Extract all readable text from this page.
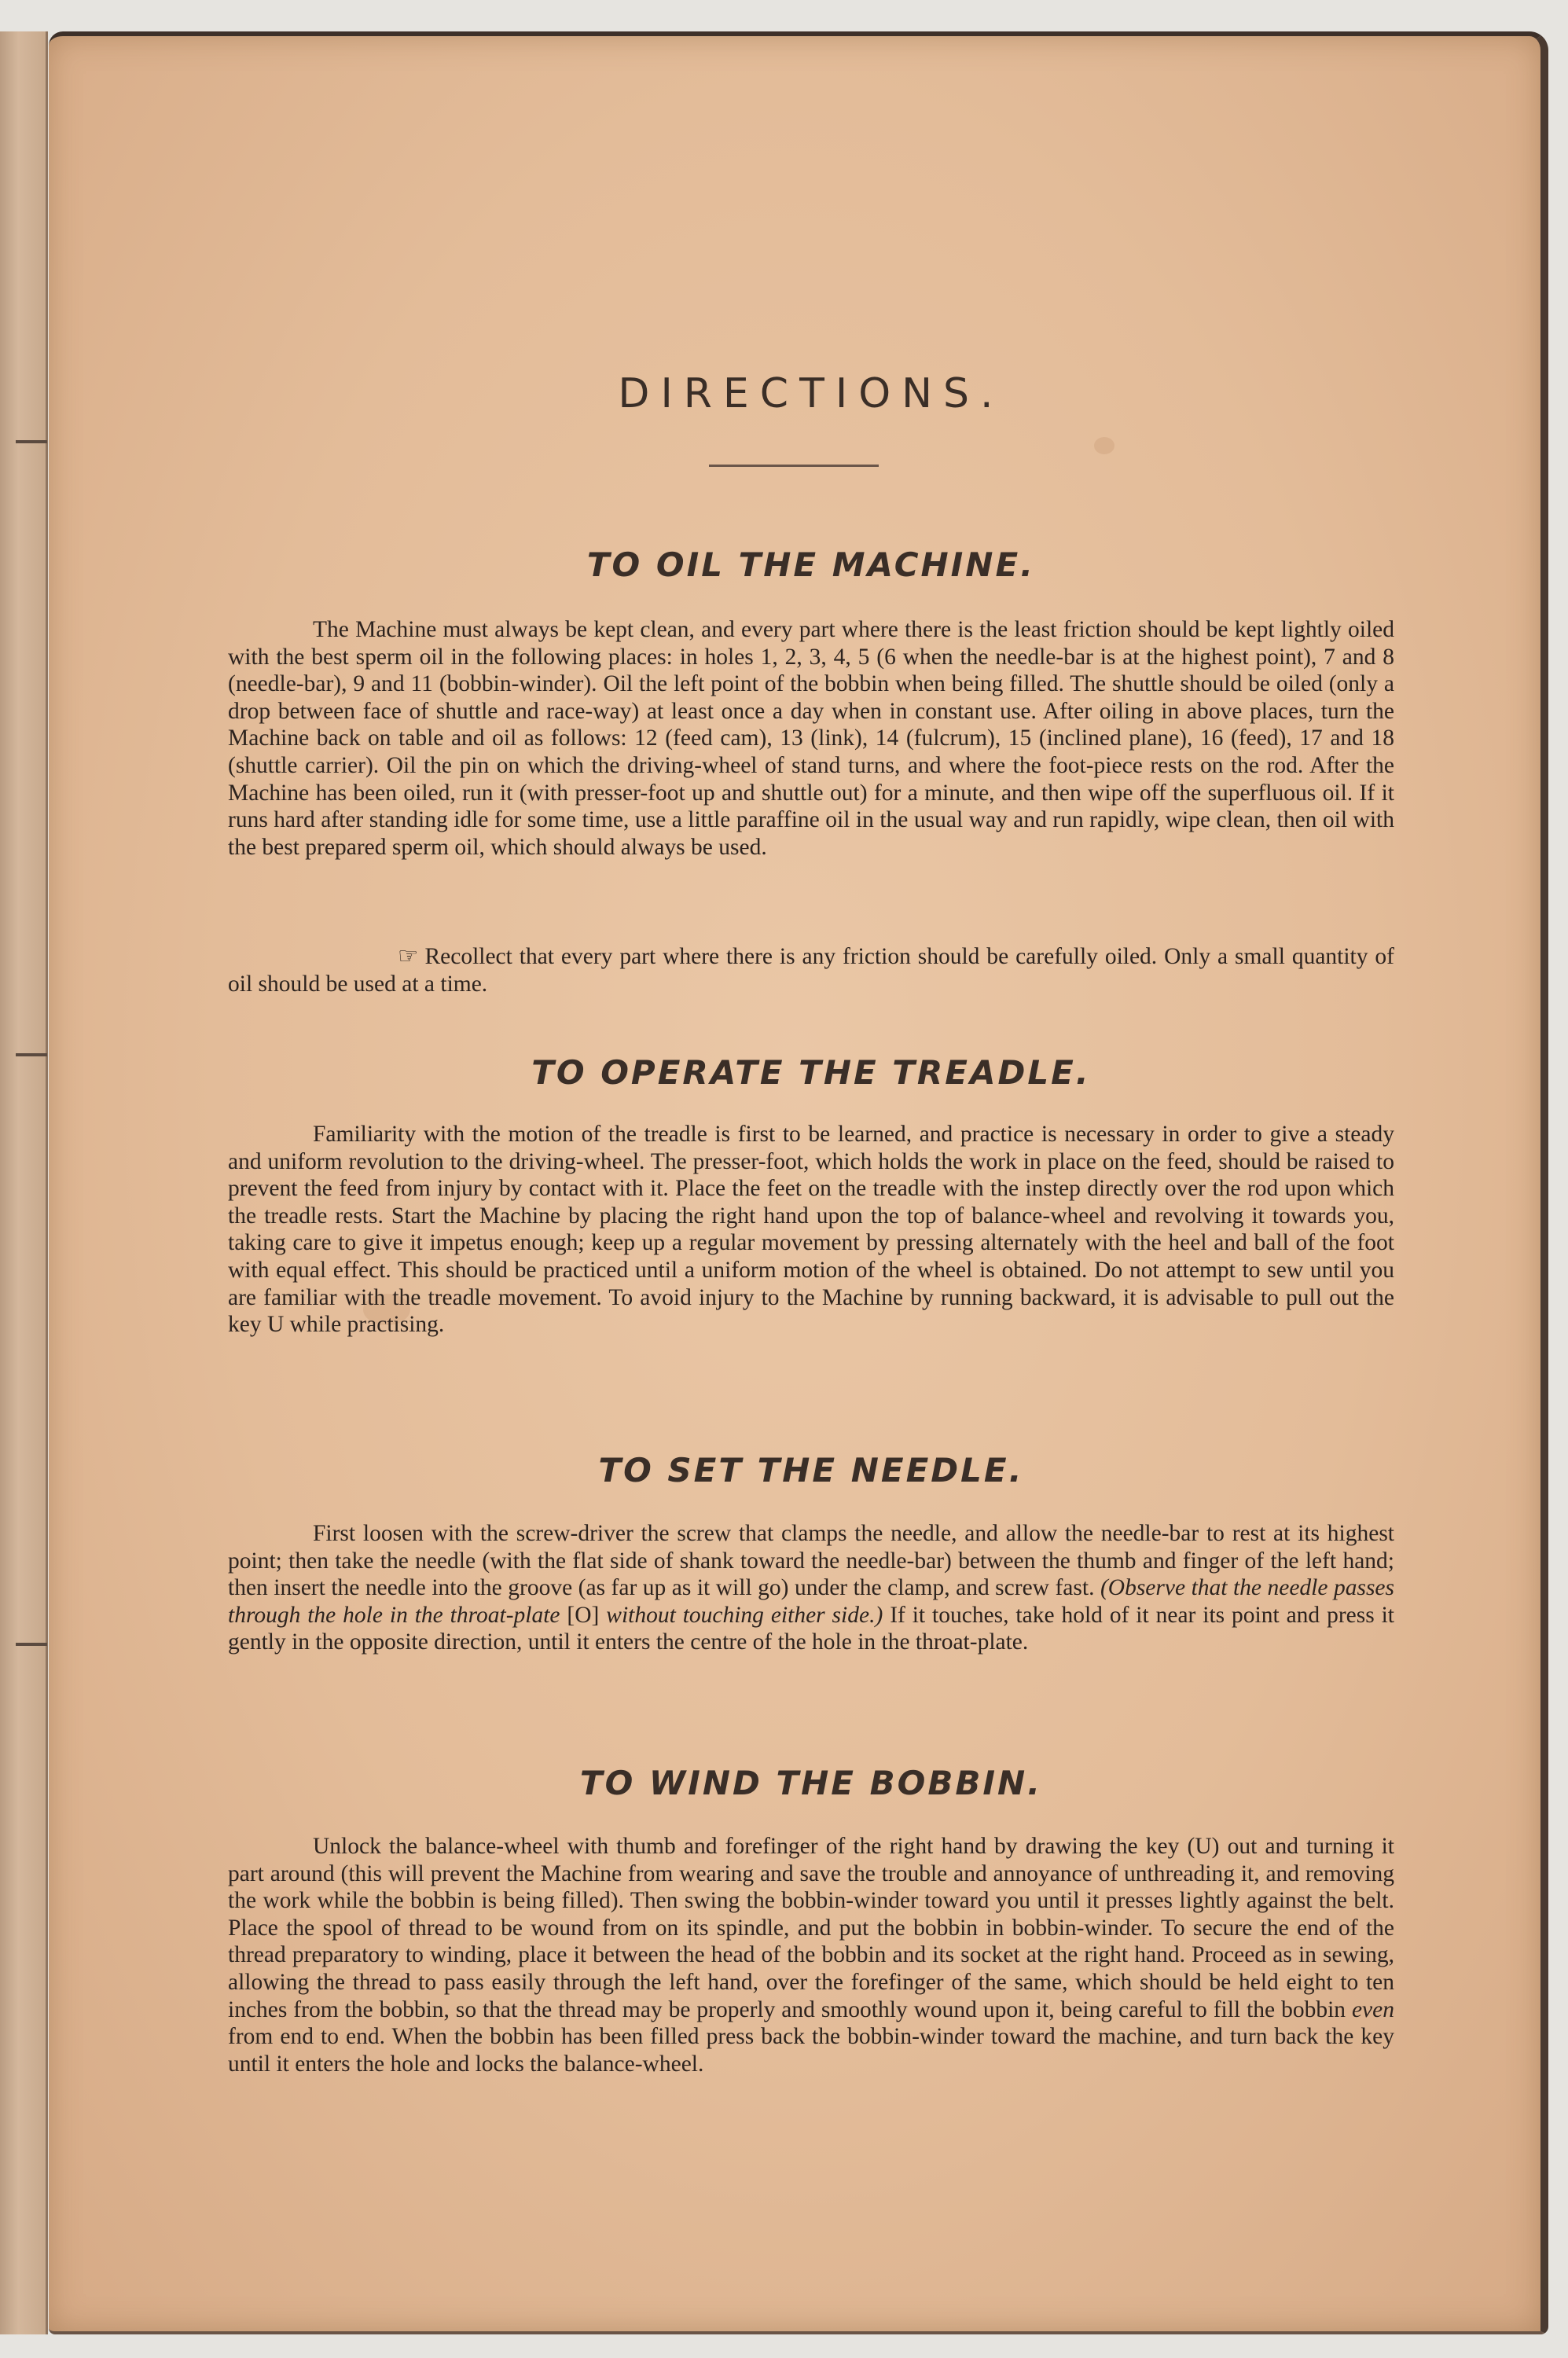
DIRECTIONS.
TO OIL THE MACHINE.

The Machine must always be kept clean, and every part where there is the least friction should be kept lightly oiled with the best sperm oil in the following places: in holes 1, 2, 3, 4, 5 (6 when the needle-bar is at the highest point), 7 and 8 (needle-bar), 9 and 11 (bobbin-winder). Oil the left point of the bobbin when being filled. The shuttle should be oiled (only a drop between face of shuttle and race-way) at least once a day when in constant use. After oiling in above places, turn the Machine back on table and oil as follows: 12 (feed cam), 13 (link), 14 (fulcrum), 15 (inclined plane), 16 (feed), 17 and 18 (shuttle carrier). Oil the pin on which the driving-wheel of stand turns, and where the foot-piece rests on the rod. After the Machine has been oiled, run it (with presser-foot up and shuttle out) for a minute, and then wipe off the superfluous oil. If it runs hard after standing idle for some time, use a little paraffine oil in the usual way and run rapidly, wipe clean, then oil with the best prepared sperm oil, which should always be used.

☞ Recollect that every part where there is any friction should be carefully oiled. Only a small quantity of oil should be used at a time.

TO OPERATE THE TREADLE.

Familiarity with the motion of the treadle is first to be learned, and practice is necessary in order to give a steady and uniform revolution to the driving-wheel. The presser-foot, which holds the work in place on the feed, should be raised to prevent the feed from injury by contact with it. Place the feet on the treadle with the instep directly over the rod upon which the treadle rests. Start the Machine by placing the right hand upon the top of balance-wheel and revolving it towards you, taking care to give it impetus enough; keep up a regular movement by pressing alternately with the heel and ball of the foot with equal effect. This should be practiced until a uniform motion of the wheel is obtained. Do not attempt to sew until you are familiar with the treadle movement. To avoid injury to the Machine by running backward, it is advisable to pull out the key U while practising.

TO SET THE NEEDLE.

First loosen with the screw-driver the screw that clamps the needle, and allow the needle-bar to rest at its highest point; then take the needle (with the flat side of shank toward the needle-bar) between the thumb and finger of the left hand; then insert the needle into the groove (as far up as it will go) under the clamp, and screw fast. (Observe that the needle passes through the hole in the throat-plate [O] without touching either side.) If it touches, take hold of it near its point and press it gently in the opposite direction, until it enters the centre of the hole in the throat-plate.

TO WIND THE BOBBIN.

Unlock the balance-wheel with thumb and forefinger of the right hand by drawing the key (U) out and turning it part around (this will prevent the Machine from wearing and save the trouble and annoyance of unthreading it, and removing the work while the bobbin is being filled). Then swing the bobbin-winder toward you until it presses lightly against the belt. Place the spool of thread to be wound from on its spindle, and put the bobbin in bobbin-winder. To secure the end of the thread preparatory to winding, place it between the head of the bobbin and its socket at the right hand. Proceed as in sewing, allowing the thread to pass easily through the left hand, over the forefinger of the same, which should be held eight to ten inches from the bobbin, so that the thread may be properly and smoothly wound upon it, being careful to fill the bobbin even from end to end. When the bobbin has been filled press back the bobbin-winder toward the machine, and turn back the key until it enters the hole and locks the balance-wheel.
